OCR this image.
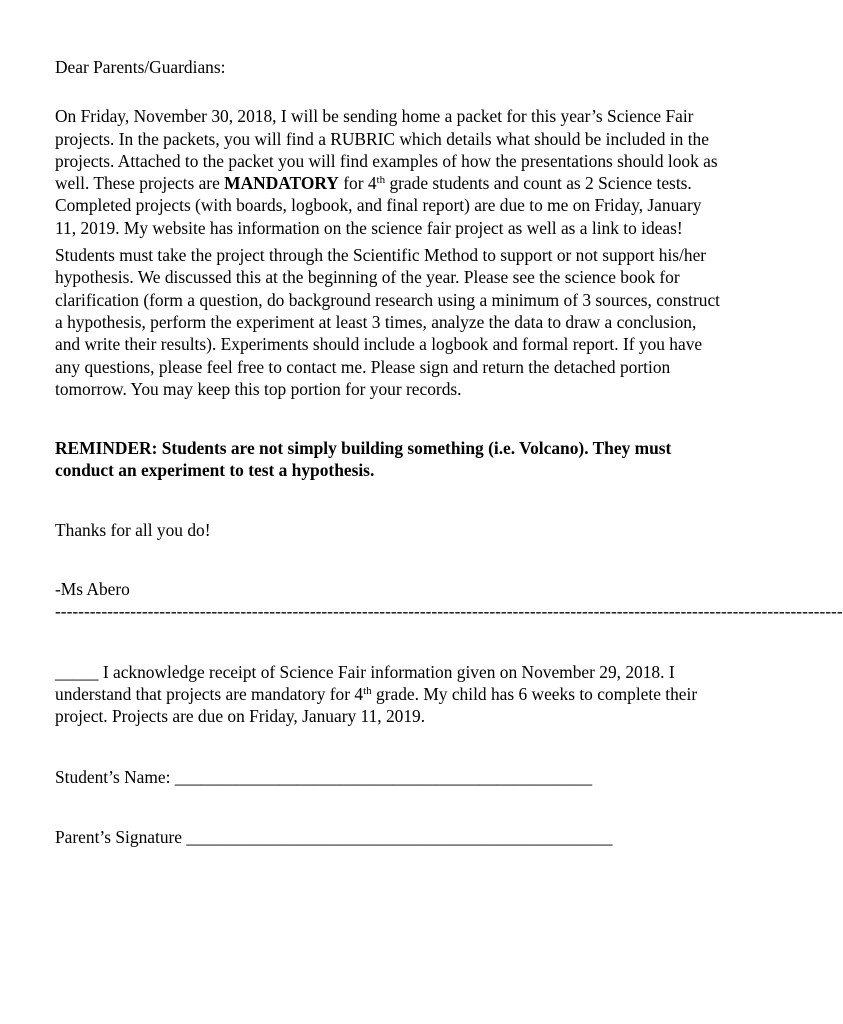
Dear Parents/Guardians:

On Friday, November 30, 2018, I will be sending home a packet for this year’s Science Fair projects. In the packets, you will find a RUBRIC which details what should be included in the projects. Attached to the packet you will find examples of how the presentations should look as well. These projects are MANDATORY for 4th grade students and count as 2 Science tests. Completed projects (with boards, logbook, and final report) are due to me on Friday, January 11, 2019. My website has information on the science fair project as well as a link to ideas!

Students must take the project through the Scientific Method to support or not support his/her hypothesis. We discussed this at the beginning of the year. Please see the science book for clarification (form a question, do background research using a minimum of 3 sources, construct a hypothesis, perform the experiment at least 3 times, analyze the data to draw a conclusion, and write their results). Experiments should include a logbook and formal report. If you have any questions, please feel free to contact me. Please sign and return the detached portion tomorrow. You may keep this top portion for your records.

REMINDER: Students are not simply building something (i.e. Volcano). They must conduct an experiment to test a hypothesis.

Thanks for all you do!

-Ms Abero

----------------------------------------------------------------------------------------------------------------------------------------

_____ I acknowledge receipt of Science Fair information given on November 29, 2018. I understand that projects are mandatory for 4th grade. My child has 6 weeks to complete their project. Projects are due on Friday, January 11, 2019.

Student’s Name: ________________________________________________

Parent’s Signature _________________________________________________
